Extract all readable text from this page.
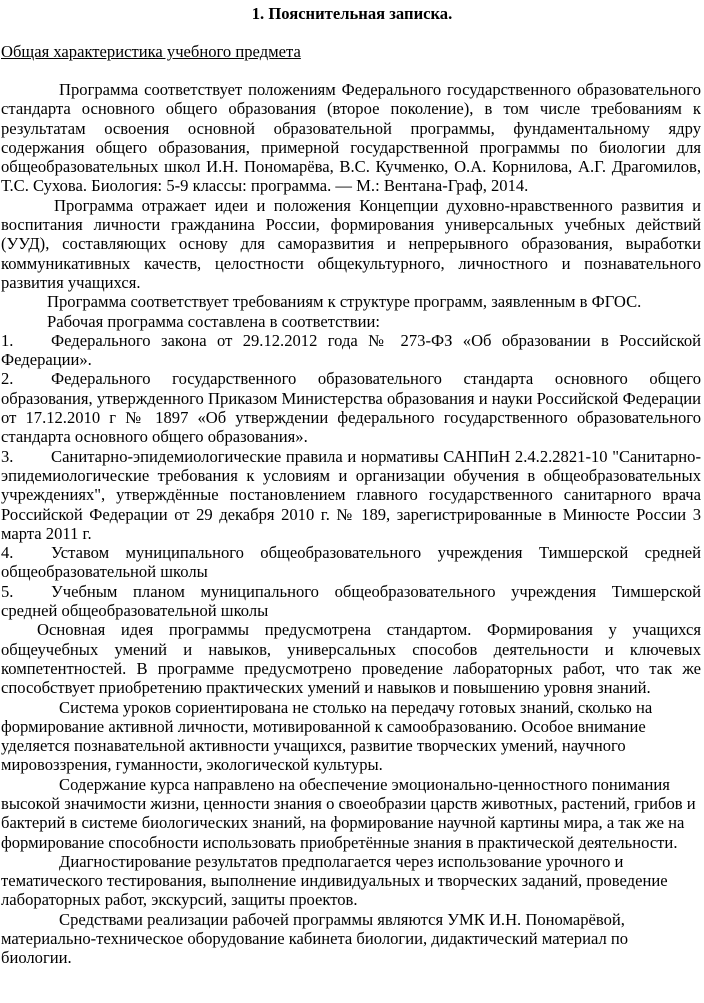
1. Пояснительная записка.
Общая характеристика учебного предмета

Программа соответствует положениям Федерального государственного образовательного стандарта основного общего образования (второе поколение), в том числе требованиям к результатам освоения основной образовательной программы, фундаментальному ядру содержания общего образования, примерной государственной программы по биологии для общеобразовательных школ И.Н. Пономарёва, В.С. Кучменко, О.А. Корнилова, А.Г. Драгомилов, Т.С. Сухова. Биология: 5-9 классы: программа. — М.: Вентана-Граф, 2014.

Программа отражает идеи и положения Концепции духовно-нравственного развития и воспитания личности гражданина России, формирования универсальных учебных действий (УУД), составляющих основу для саморазвития и непрерывного образования, выработки коммуникативных качеств, целостности общекультурного, личностного и познавательного развития учащихся.

Программа соответствует требованиям к структуре программ, заявленным в ФГОС.

Рабочая программа составлена в соответствии:

1. Федерального закона от 29.12.2012 года № 273-ФЗ «Об образовании в Российской Федерации».
2. Федерального государственного образовательного стандарта основного общего образования, утвержденного Приказом Министерства образования и науки Российской Федерации от 17.12.2010 г № 1897 «Об утверждении федерального государственного образовательного стандарта основного общего образования».
3. Санитарно-эпидемиологические правила и нормативы САНПиН 2.4.2.2821-10 "Санитарно-эпидемиологические требования к условиям и организации обучения в общеобразовательных учреждениях", утверждённые постановлением главного государственного санитарного врача Российской Федерации от 29 декабря 2010 г. № 189, зарегистрированные в Минюсте России 3 марта 2011 г.
4. Уставом муниципального общеобразовательного учреждения Тимшерской средней общеобразовательной школы
5. Учебным планом муниципального общеобразовательного учреждения Тимшерской средней общеобразовательной школы

Основная идея программы предусмотрена стандартом. Формирования у учащихся общеучебных умений и навыков, универсальных способов деятельности и ключевых компетентностей. В программе предусмотрено проведение лабораторных работ, что так же способствует приобретению практических умений и навыков и повышению уровня знаний.

Система уроков сориентирована не столько на передачу готовых знаний, сколько на формирование активной личности, мотивированной к самообразованию. Особое внимание уделяется познавательной активности учащихся, развитие творческих умений, научного мировоззрения, гуманности, экологической культуры.

Содержание курса направлено на обеспечение эмоционально-ценностного понимания высокой значимости жизни, ценности знания о своеобразии царств животных, растений, грибов и бактерий в системе биологических знаний, на формирование научной картины мира, а так же на формирование способности использовать приобретённые знания в практической деятельности.

Диагностирование результатов предполагается через использование урочного и тематического тестирования, выполнение индивидуальных и творческих заданий, проведение лабораторных работ, экскурсий, защиты проектов.

Средствами реализации рабочей программы являются УМК И.Н. Пономарёвой, материально-техническое оборудование кабинета биологии, дидактический материал по биологии.
